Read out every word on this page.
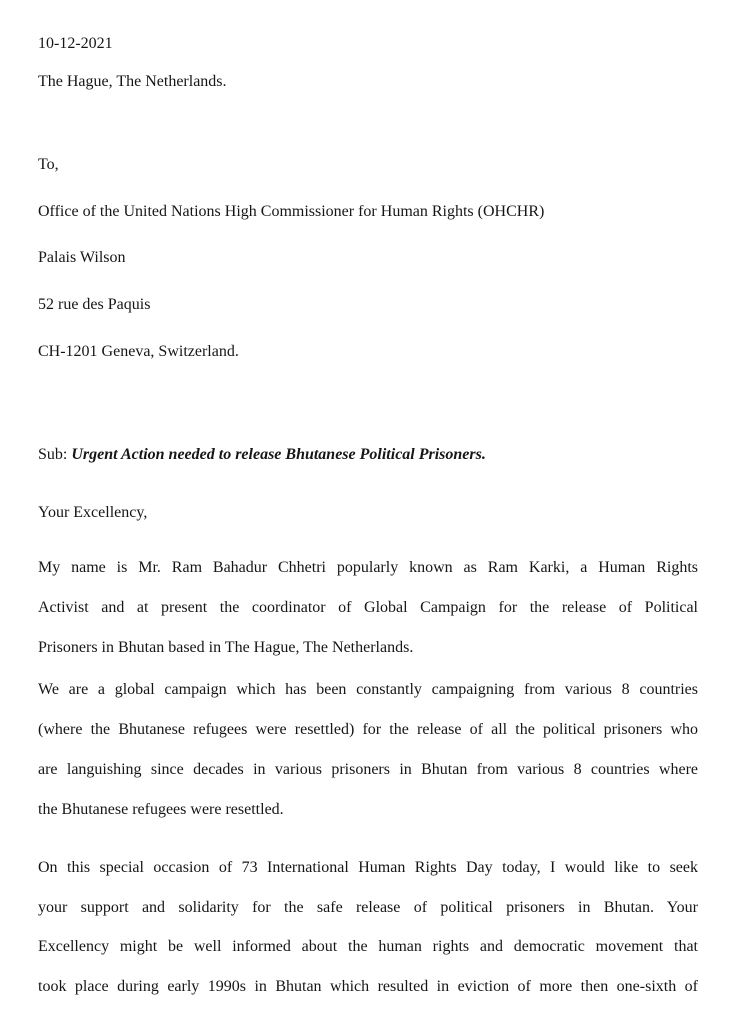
10-12-2021
The Hague, The Netherlands.
To,
Office of the United Nations High Commissioner for Human Rights (OHCHR)
Palais Wilson
52 rue des Paquis
CH-1201 Geneva, Switzerland.
Sub: Urgent Action needed to release Bhutanese Political Prisoners.
Your Excellency,
My name is Mr. Ram Bahadur Chhetri popularly known as Ram Karki, a Human Rights
Activist and at present the coordinator of Global Campaign for the release of Political
Prisoners in Bhutan based in The Hague, The Netherlands.
We are a global campaign which has been constantly campaigning from various 8 countries
(where the Bhutanese refugees were resettled) for the release of all the political prisoners who
are languishing since decades in various prisoners in Bhutan from various 8 countries where
the Bhutanese refugees were resettled.
On this special occasion of 73 International Human Rights Day today, I would like to seek
your support and solidarity for the safe release of political prisoners in Bhutan. Your
Excellency might be well informed about the human rights and democratic movement that
took place during early 1990s in Bhutan which resulted in eviction of more then one-sixth of
